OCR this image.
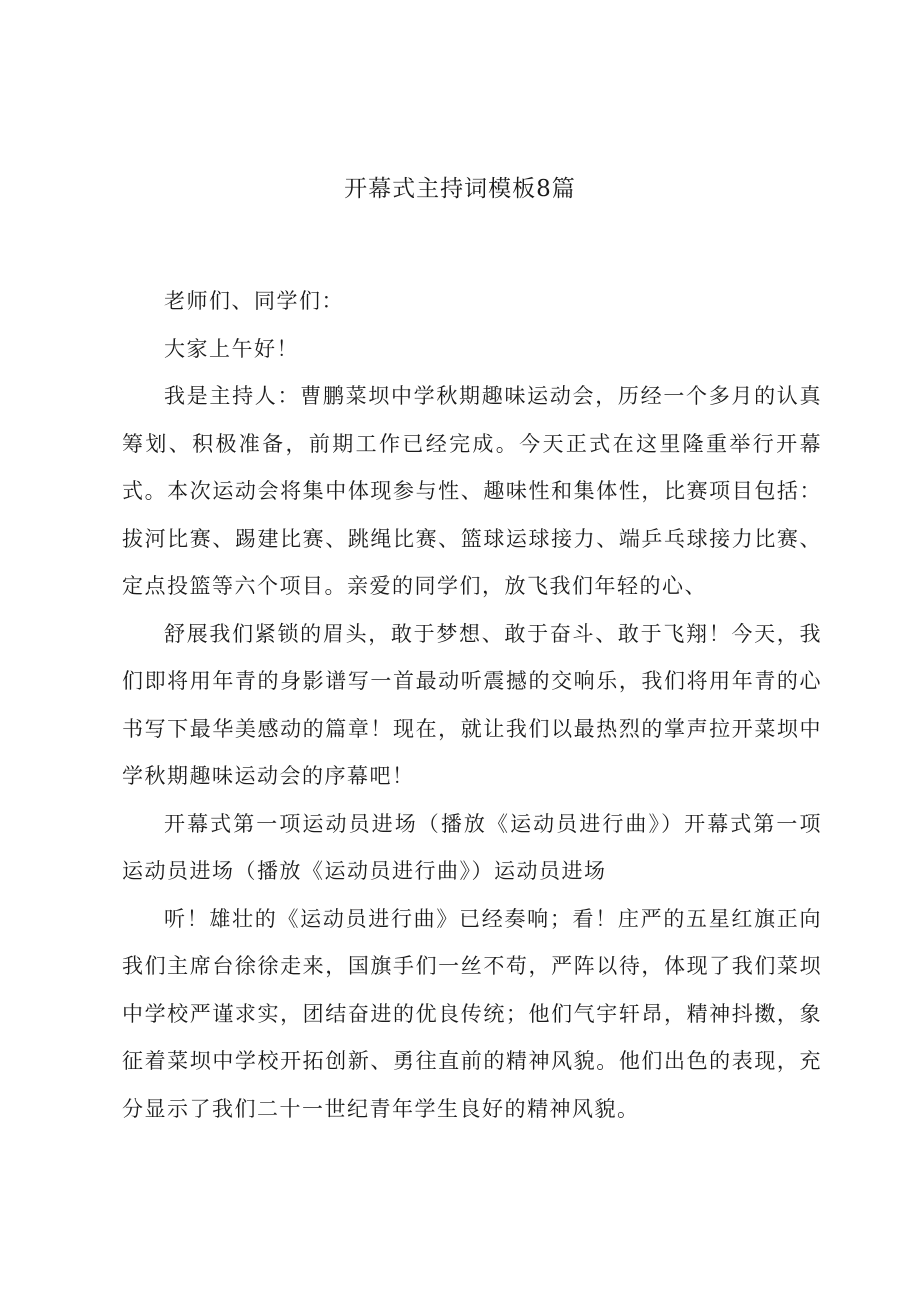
开幕式主持词模板8篇

老师们、同学们：

大家上午好！

我是主持人：曹鹏菜坝中学秋期趣味运动会，历经一个多月的认真筹划、积极准备，前期工作已经完成。今天正式在这里隆重举行开幕式。本次运动会将集中体现参与性、趣味性和集体性，比赛项目包括：拔河比赛、踢建比赛、跳绳比赛、篮球运球接力、端乒乓球接力比赛、定点投篮等六个项目。亲爱的同学们，放飞我们年轻的心、

舒展我们紧锁的眉头，敢于梦想、敢于奋斗、敢于飞翔！今天，我们即将用年青的身影谱写一首最动听震撼的交响乐，我们将用年青的心书写下最华美感动的篇章！现在，就让我们以最热烈的掌声拉开菜坝中学秋期趣味运动会的序幕吧！

开幕式第一项运动员进场（播放《运动员进行曲》）开幕式第一项运动员进场（播放《运动员进行曲》）运动员进场

听！雄壮的《运动员进行曲》已经奏响；看！庄严的五星红旗正向我们主席台徐徐走来，国旗手们一丝不苟，严阵以待，体现了我们菜坝中学校严谨求实，团结奋进的优良传统；他们气宇轩昂，精神抖擞，象征着菜坝中学校开拓创新、勇往直前的精神风貌。他们出色的表现，充分显示了我们二十一世纪青年学生良好的精神风貌。
